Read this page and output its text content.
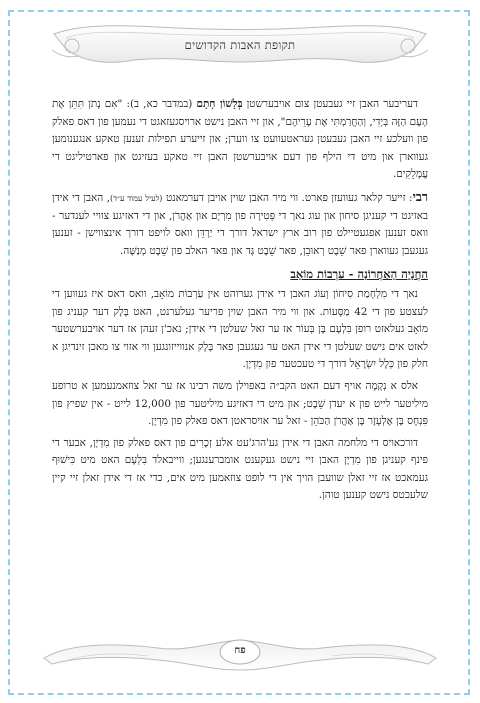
תקופת האבות הקדושים

דעריבער האבן זיי געבעטן צום אויבערשטן בְּלָשׁוֹן חָתָם (במדבר כא, ב): "אִם נָתֹן תִּתֵּן אֶת הָעָם הַזֶּה בְּיָדִי, וְהַחֲרַמְתִּי אֶת עָרֵיהֶם", און זיי האבן נישט ארויסגעזאגט די נעמען פון דאס פאלק פון וועלכע זיי האבן געבעטן געראטעוועט צו ווערן; און זייערע תפילות זענען טאקע אנגענומען געווארן און מיט די הילף פון דעם אויבערשטן האבן זיי טאקע בעזיגט און פארטיליגט די עֲמָלֵקִים.

רבי: זייער קלאר געוועזן פארט. ווי מיר האבן שוין אויבן דערמאנט (לעיל עמוד ע״ד), האבן די אידן באזיגט די קעניגן סיחון און עוג נאך די פְּטִירָה פון מִרְיָם און אַהֲרֹן, און די דאזיגע צוויי לענדער - וואס זענען אפגעטיילט פון רוב ארץ ישראל דורך די יַרְדֵּן וואס לויפט דורך אינצווישן - זענען געגעבן געווארן פאר שֵׁבֶט רְאוּבֵן, פאר שֵׁבֶט גָּד און פאר האלב פון שֵׁבֶט מְנַשֶּׁה.

הַחֲנָיָה הָאַחֲרוֹנָה - עַרְבוֹת מוֹאָב

נאך די מִלְחָמַת סִיחוֹן וְעוֹג האבן די אידן גערוהט אין עַרְבוֹת מוֹאָב, וואס דאס איז געווען די לעצטע פון די 42 מַסָּעוֹת. און ווי מיר האבן שוין פריער געלערנט, האט בָּלָק דער קעניג פון מוֹאָב געלאזט רופן בִּלְעָם בֶּן בְּעוֹר אז ער זאל שעלטן די אידן; נאכ'ן זעהן אז דער אויבערשטער לאזט אים נישט שעלטן די אידן האט ער געגעבן פאר בָּלָק אנווייזונגען ווי אזוי צו מאכן זינדיגן א חלק פון כְּלָל יִשְׂרָאֵל דורך די טעכטער פון מִדְיָן.

אלס א נְקָמָה אויף דעם האט הקב״ה באפוילן משה רבינו אז ער זאל צוזאמנעמען א טרופע מיליטער לייט פון א יעדן שֵׁבֶט; און מיט די דאזיגע מיליטער פון 12,000 לייט - אין שפיץ פון פִּנְחָס בֶּן אֶלְעָזָר בֶּן אַהֲרֹן הַכֹּהֵן - זאל ער אויסראטן דאס פאלק פון מִדְיָן.

דורכאויס די מלחמה האבן די אידן גע'הרג'עט אלע זְכָרִים פון דאס פאלק פון מִדְיָן, אבער די פינף קעניגן פון מִדְיָן האבן זיי נישט געקענט אומברענגען; ווייבאלד בִּלְעָם האט מיט כִּישׁוּף געמאכט אז זיי זאלן שוועבן הויך אין די לופט צוזאמען מיט אים, כדי אז די אידן זאלן זיי קיין שלעכטס נישט קענען טוהן.

פח
